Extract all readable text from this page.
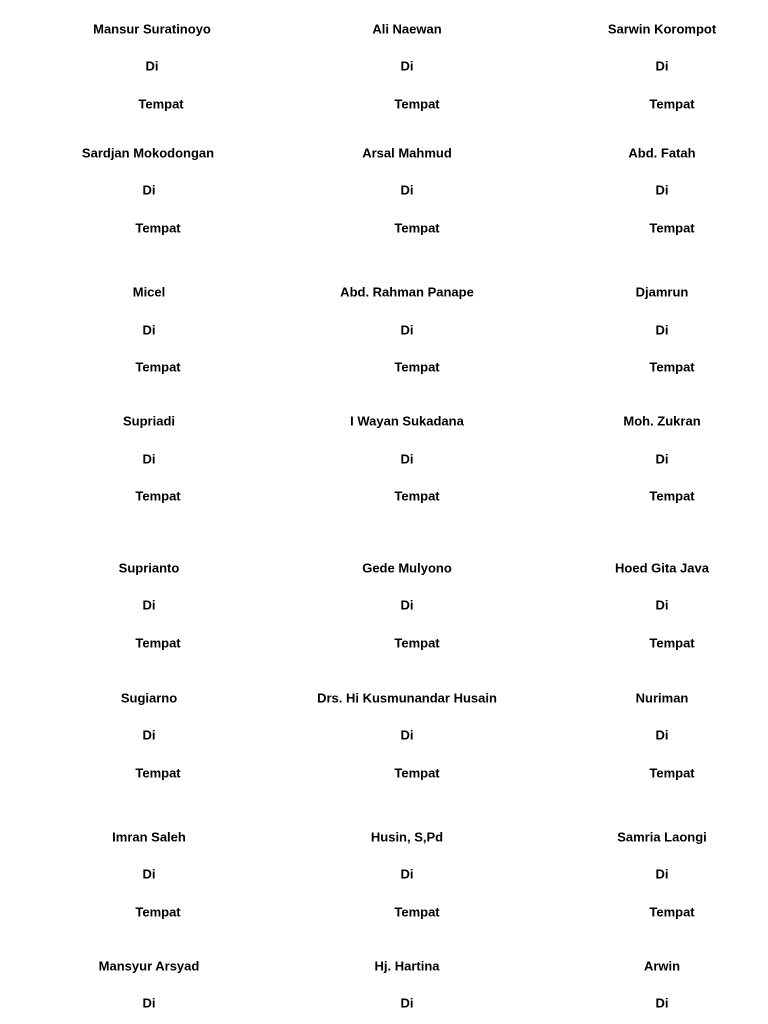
Mansur Suratinoyo
Di
Tempat
Ali Naewan
Di
Tempat
Sarwin Korompot
Di
Tempat
Sardjan Mokodongan
Di
Tempat
Arsal Mahmud
Di
Tempat
Abd. Fatah
Di
Tempat
Micel
Di
Tempat
Abd. Rahman Panape
Di
Tempat
Djamrun
Di
Tempat
Supriadi
Di
Tempat
I Wayan Sukadana
Di
Tempat
Moh. Zukran
Di
Tempat
Suprianto
Di
Tempat
Gede Mulyono
Di
Tempat
Hoed Gita Java
Di
Tempat
Sugiarno
Di
Tempat
Drs. Hi Kusmunandar Husain
Di
Tempat
Nuriman
Di
Tempat
Imran Saleh
Di
Tempat
Husin, S,Pd
Di
Tempat
Samria Laongi
Di
Tempat
Mansyur Arsyad
Di
Hj. Hartina
Di
Arwin
Di
